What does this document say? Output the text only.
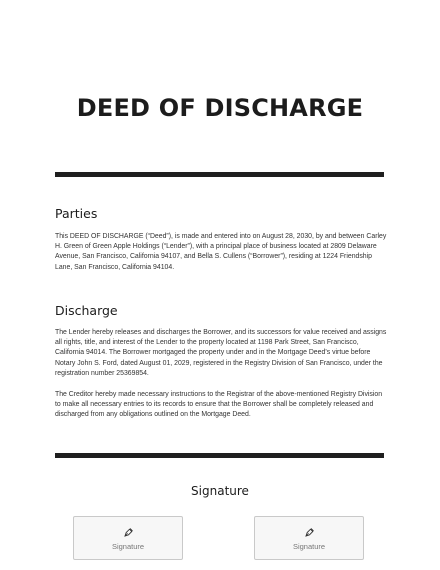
DEED OF DISCHARGE
Parties
This DEED OF DISCHARGE (“Deed”), is made and entered into on August 28, 2030, by and between Carley H. Green of Green Apple Holdings (“Lender”), with a principal place of business located at 2809 Delaware Avenue, San Francisco, California 94107, and Bella S. Cullens (“Borrower”), residing at 1224 Friendship Lane, San Francisco, California 94104.
Discharge
The Lender hereby releases and discharges the Borrower, and its successors for value received and assigns all rights, title, and interest of the Lender to the property located at 1198 Park Street, San Francisco, California 94014. The Borrower mortgaged the property under and in the Mortgage Deed’s virtue before Notary John S. Ford, dated August 01, 2029, registered in the Registry Division of San Francisco, under the registration number 25369854.
The Creditor hereby made necessary instructions to the Registrar of the above-mentioned Registry Division to make all necessary entries to its records to ensure that the Borrower shall be completely released and discharged from any obligations outlined on the Mortgage Deed.
Signature
Signature	Signature
